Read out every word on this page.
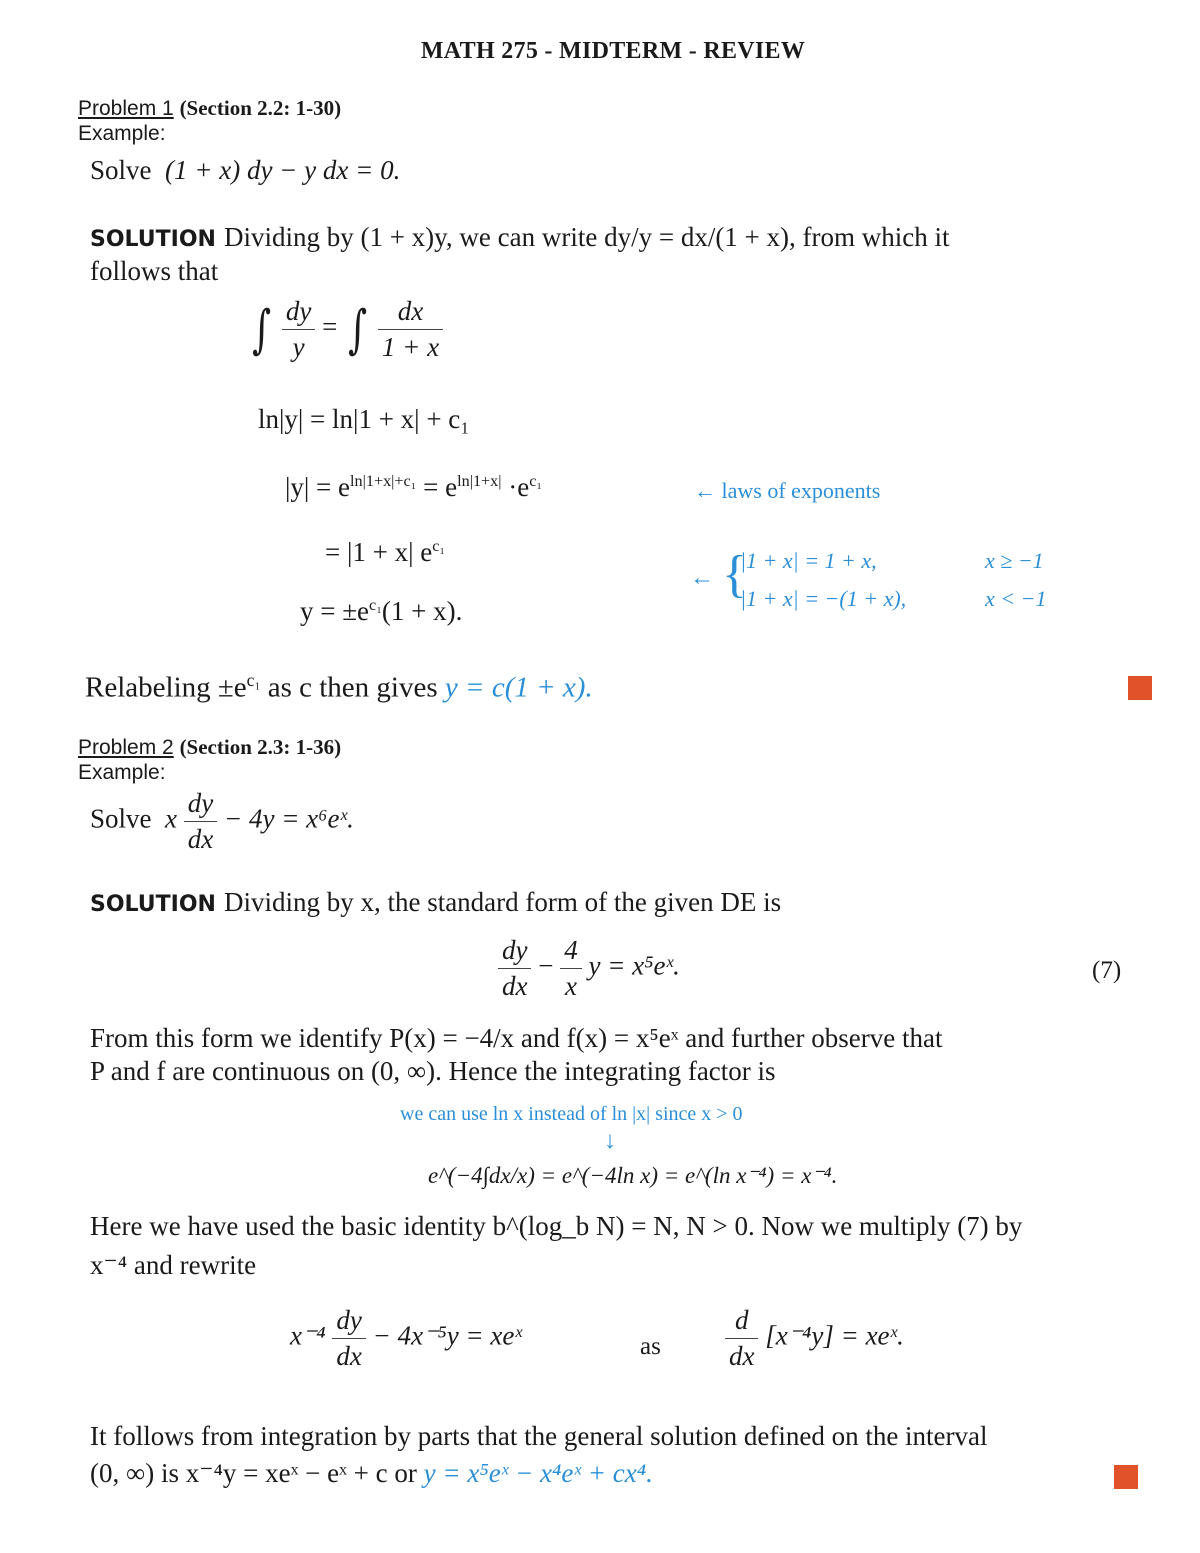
MATH 275 - MIDTERM - REVIEW
Problem 1 (Section 2.2: 1-30)
Example:
Solve (1 + x) dy − y dx = 0.
SOLUTION Dividing by (1 + x)y, we can write dy/y = dx/(1 + x), from which it
follows that
∫ $\frac{dy}{y}$ = ∫ $\frac{dx}{1 + x}$
ln|y| = ln|1 + x| + c₁
$|y| = e^{ln|1+x|+c_1} = e^{ln|1+x|} \cdot e^{c_1}$	← laws of exponents
= |1 + x| $e^{c_1}$
$y = \pm e^{c_1}(1 + x)$.
← {
|1 + x| = 1 + x,	x ≥ −1
|1 + x| = −(1 + x),	x < −1
Relabeling $\pm e^{c_1}$ as c then gives y = c(1 + x).
Problem 2 (Section 2.3: 1-36)
Example:
Solve x $\frac{dy}{dx} - 4y$ = x⁶eˣ.
SOLUTION Dividing by x, the standard form of the given DE is
$\frac{dy}{dx} - \frac{4}{x}$ y = x⁵eˣ.	(7)
From this form we identify P(x) = −4/x and f(x) = x⁵eˣ and further observe that
P and f are continuous on (0, ∞). Hence the integrating factor is
we can use ln x instead of ln |x| since x > 0
↓
e^(−4∫dx/x) = e^(−4ln x) = e^(ln x⁻⁴) = x⁻⁴.
Here we have used the basic identity b^(log_b N) = N, N > 0. Now we multiply (7) by
x⁻⁴ and rewrite
$x^{-4} \frac{dy}{dx} - 4x^{-5}y$ = xeˣ	as $\frac{d}{dx} [x^{-4}y]$ = xeˣ.
It follows from integration by parts that the general solution defined on the interval
(0, ∞) is x⁻⁴y = xeˣ − eˣ + c or y = x⁵eˣ − x⁴eˣ + cx⁴.
